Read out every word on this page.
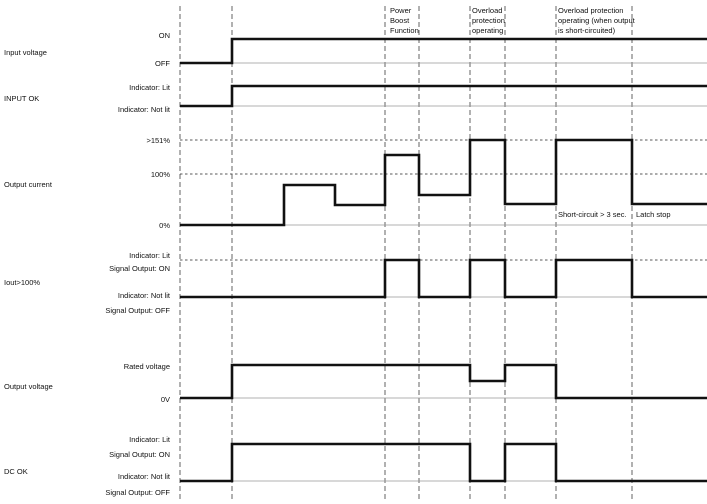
Power
Boost
Function
Overload
protection
operating
Overload protection
operating (when output
is short-circuited)
Input voltage
ON
OFF
INPUT OK
Indicator: Lit
Indicator: Not lit
Output current
>151%
100%
0%
Short-circuit > 3 sec. Latch stop
Iout>100%
Indicator: Lit
Signal Output: ON
Indicator: Not lit
Signal Output: OFF
Output voltage
Rated voltage
0V
DC OK
Indicator: Lit
Signal Output: ON
Indicator: Not lit
Signal Output: OFF
